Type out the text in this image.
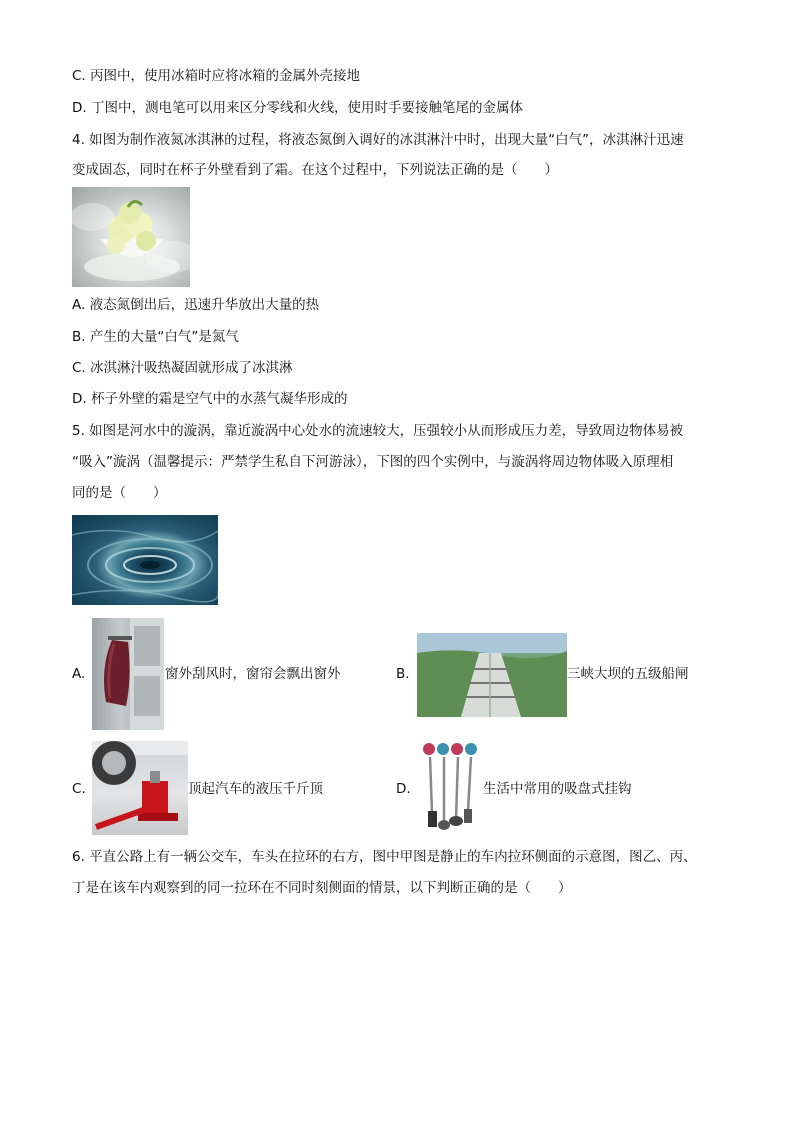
C. 丙图中，使用冰箱时应将冰箱的金属外壳接地
D. 丁图中，测电笔可以用来区分零线和火线，使用时手要接触笔尾的金属体
4. 如图为制作液氮冰淇淋的过程，将液态氮倒入调好的冰淇淋汁中时，出现大量“白气”，冰淇淋汁迅速
变成固态，同时在杯子外壁看到了霜。在这个过程中，下列说法正确的是（　　）
A. 液态氮倒出后，迅速升华放出大量的热
B. 产生的大量“白气”是氮气
C. 冰淇淋汁吸热凝固就形成了冰淇淋
D. 杯子外壁的霜是空气中的水蒸气凝华形成的
5. 如图是河水中的漩涡，靠近漩涡中心处水的流速较大，压强较小从而形成压力差，导致周边物体易被
“吸入”漩涡（温馨提示：严禁学生私自下河游泳），下图的四个实例中，与漩涡将周边物体吸入原理相
同的是（　　）
A.	窗外刮风时，窗帘会飘出窗外	B.	三峡大坝的五级船闸
C.	顶起汽车的液压千斤顶	D.	生活中常用的吸盘式挂钩
6. 平直公路上有一辆公交车，车头在拉环的右方，图中甲图是静止的车内拉环侧面的示意图，图乙、丙、
丁是在该车内观察到的同一拉环在不同时刻侧面的情景，以下判断正确的是（　　）
